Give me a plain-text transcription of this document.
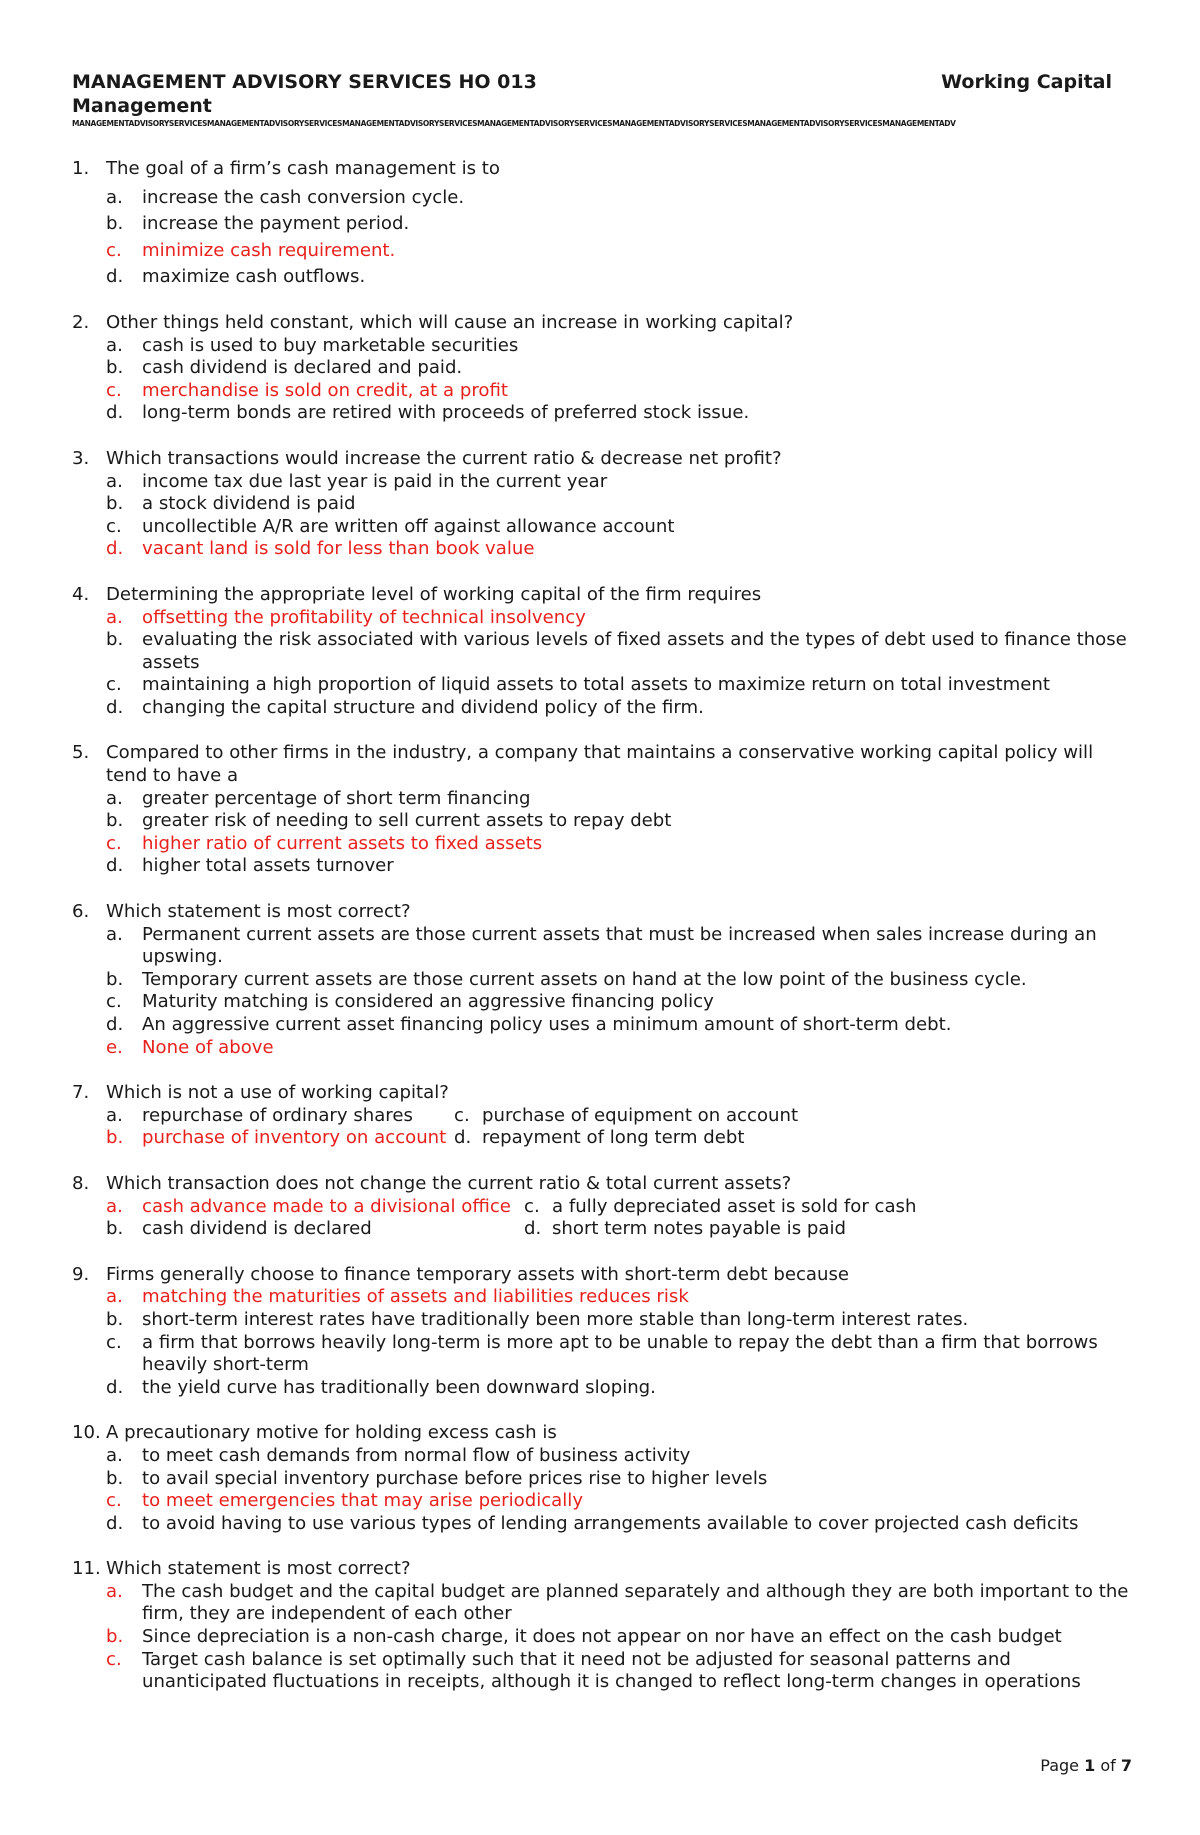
MANAGEMENT ADVISORY SERVICES HO 013	Working Capital
Management
MANAGEMENTADVISORYSERVICESMANAGEMENTADVISORYSERVICESMANAGEMENTADVISORYSERVICESMANAGEMENTADVISORYSERVICESMANAGEMENTADVISORYSERVICESMANAGEMENTADVISORYSERVICESMANAGEMENTADV
1. The goal of a firm’s cash management is to
a.	increase the cash conversion cycle.
b.	increase the payment period.
c.	minimize cash requirement.
d.	maximize cash outflows.
2. Other things held constant, which will cause an increase in working capital?
a.	cash is used to buy marketable securities
b.	cash dividend is declared and paid.
c.	merchandise is sold on credit, at a profit
d.	long-term bonds are retired with proceeds of preferred stock issue.
3. Which transactions would increase the current ratio & decrease net profit?
a.	income tax due last year is paid in the current year
b.	a stock dividend is paid
c.	uncollectible A/R are written off against allowance account
d.	vacant land is sold for less than book value
4. Determining the appropriate level of working capital of the firm requires
a.	offsetting the profitability of technical insolvency
b.	evaluating the risk associated with various levels of fixed assets and the types of debt used to finance those assets
c.	maintaining a high proportion of liquid assets to total assets to maximize return on total investment
d.	changing the capital structure and dividend policy of the firm.
5. Compared to other firms in the industry, a company that maintains a conservative working capital policy will tend to have a
a.	greater percentage of short term financing
b.	greater risk of needing to sell current assets to repay debt
c.	higher ratio of current assets to fixed assets
d.	higher total assets turnover
6. Which statement is most correct?
a.	Permanent current assets are those current assets that must be increased when sales increase during an upswing.
b.	Temporary current assets are those current assets on hand at the low point of the business cycle.
c.	Maturity matching is considered an aggressive financing policy
d.	An aggressive current asset financing policy uses a minimum amount of short-term debt.
e.	None of above
7. Which is not a use of working capital?
a.	repurchase of ordinary shares c. purchase of equipment on account
b.	purchase of inventory on account d. repayment of long term debt
8. Which transaction does not change the current ratio & total current assets?
a.	cash advance made to a divisional office c. a fully depreciated asset is sold for cash
b.	cash dividend is declared	d. short term notes payable is paid
9. Firms generally choose to finance temporary assets with short-term debt because
a.	matching the maturities of assets and liabilities reduces risk
b.	short-term interest rates have traditionally been more stable than long-term interest rates.
c.	a firm that borrows heavily long-term is more apt to be unable to repay the debt than a firm that borrows heavily short-term
d.	the yield curve has traditionally been downward sloping.
10. A precautionary motive for holding excess cash is
a.	to meet cash demands from normal flow of business activity
b.	to avail special inventory purchase before prices rise to higher levels
c.	to meet emergencies that may arise periodically
d.	to avoid having to use various types of lending arrangements available to cover projected cash deficits
11. Which statement is most correct?
a.	The cash budget and the capital budget are planned separately and although they are both important to the firm, they are independent of each other
b.	Since depreciation is a non-cash charge, it does not appear on nor have an effect on the cash budget
c.	Target cash balance is set optimally such that it need not be adjusted for seasonal patterns and unanticipated fluctuations in receipts, although it is changed to reflect long-term changes in operations
Page 1 of 7
